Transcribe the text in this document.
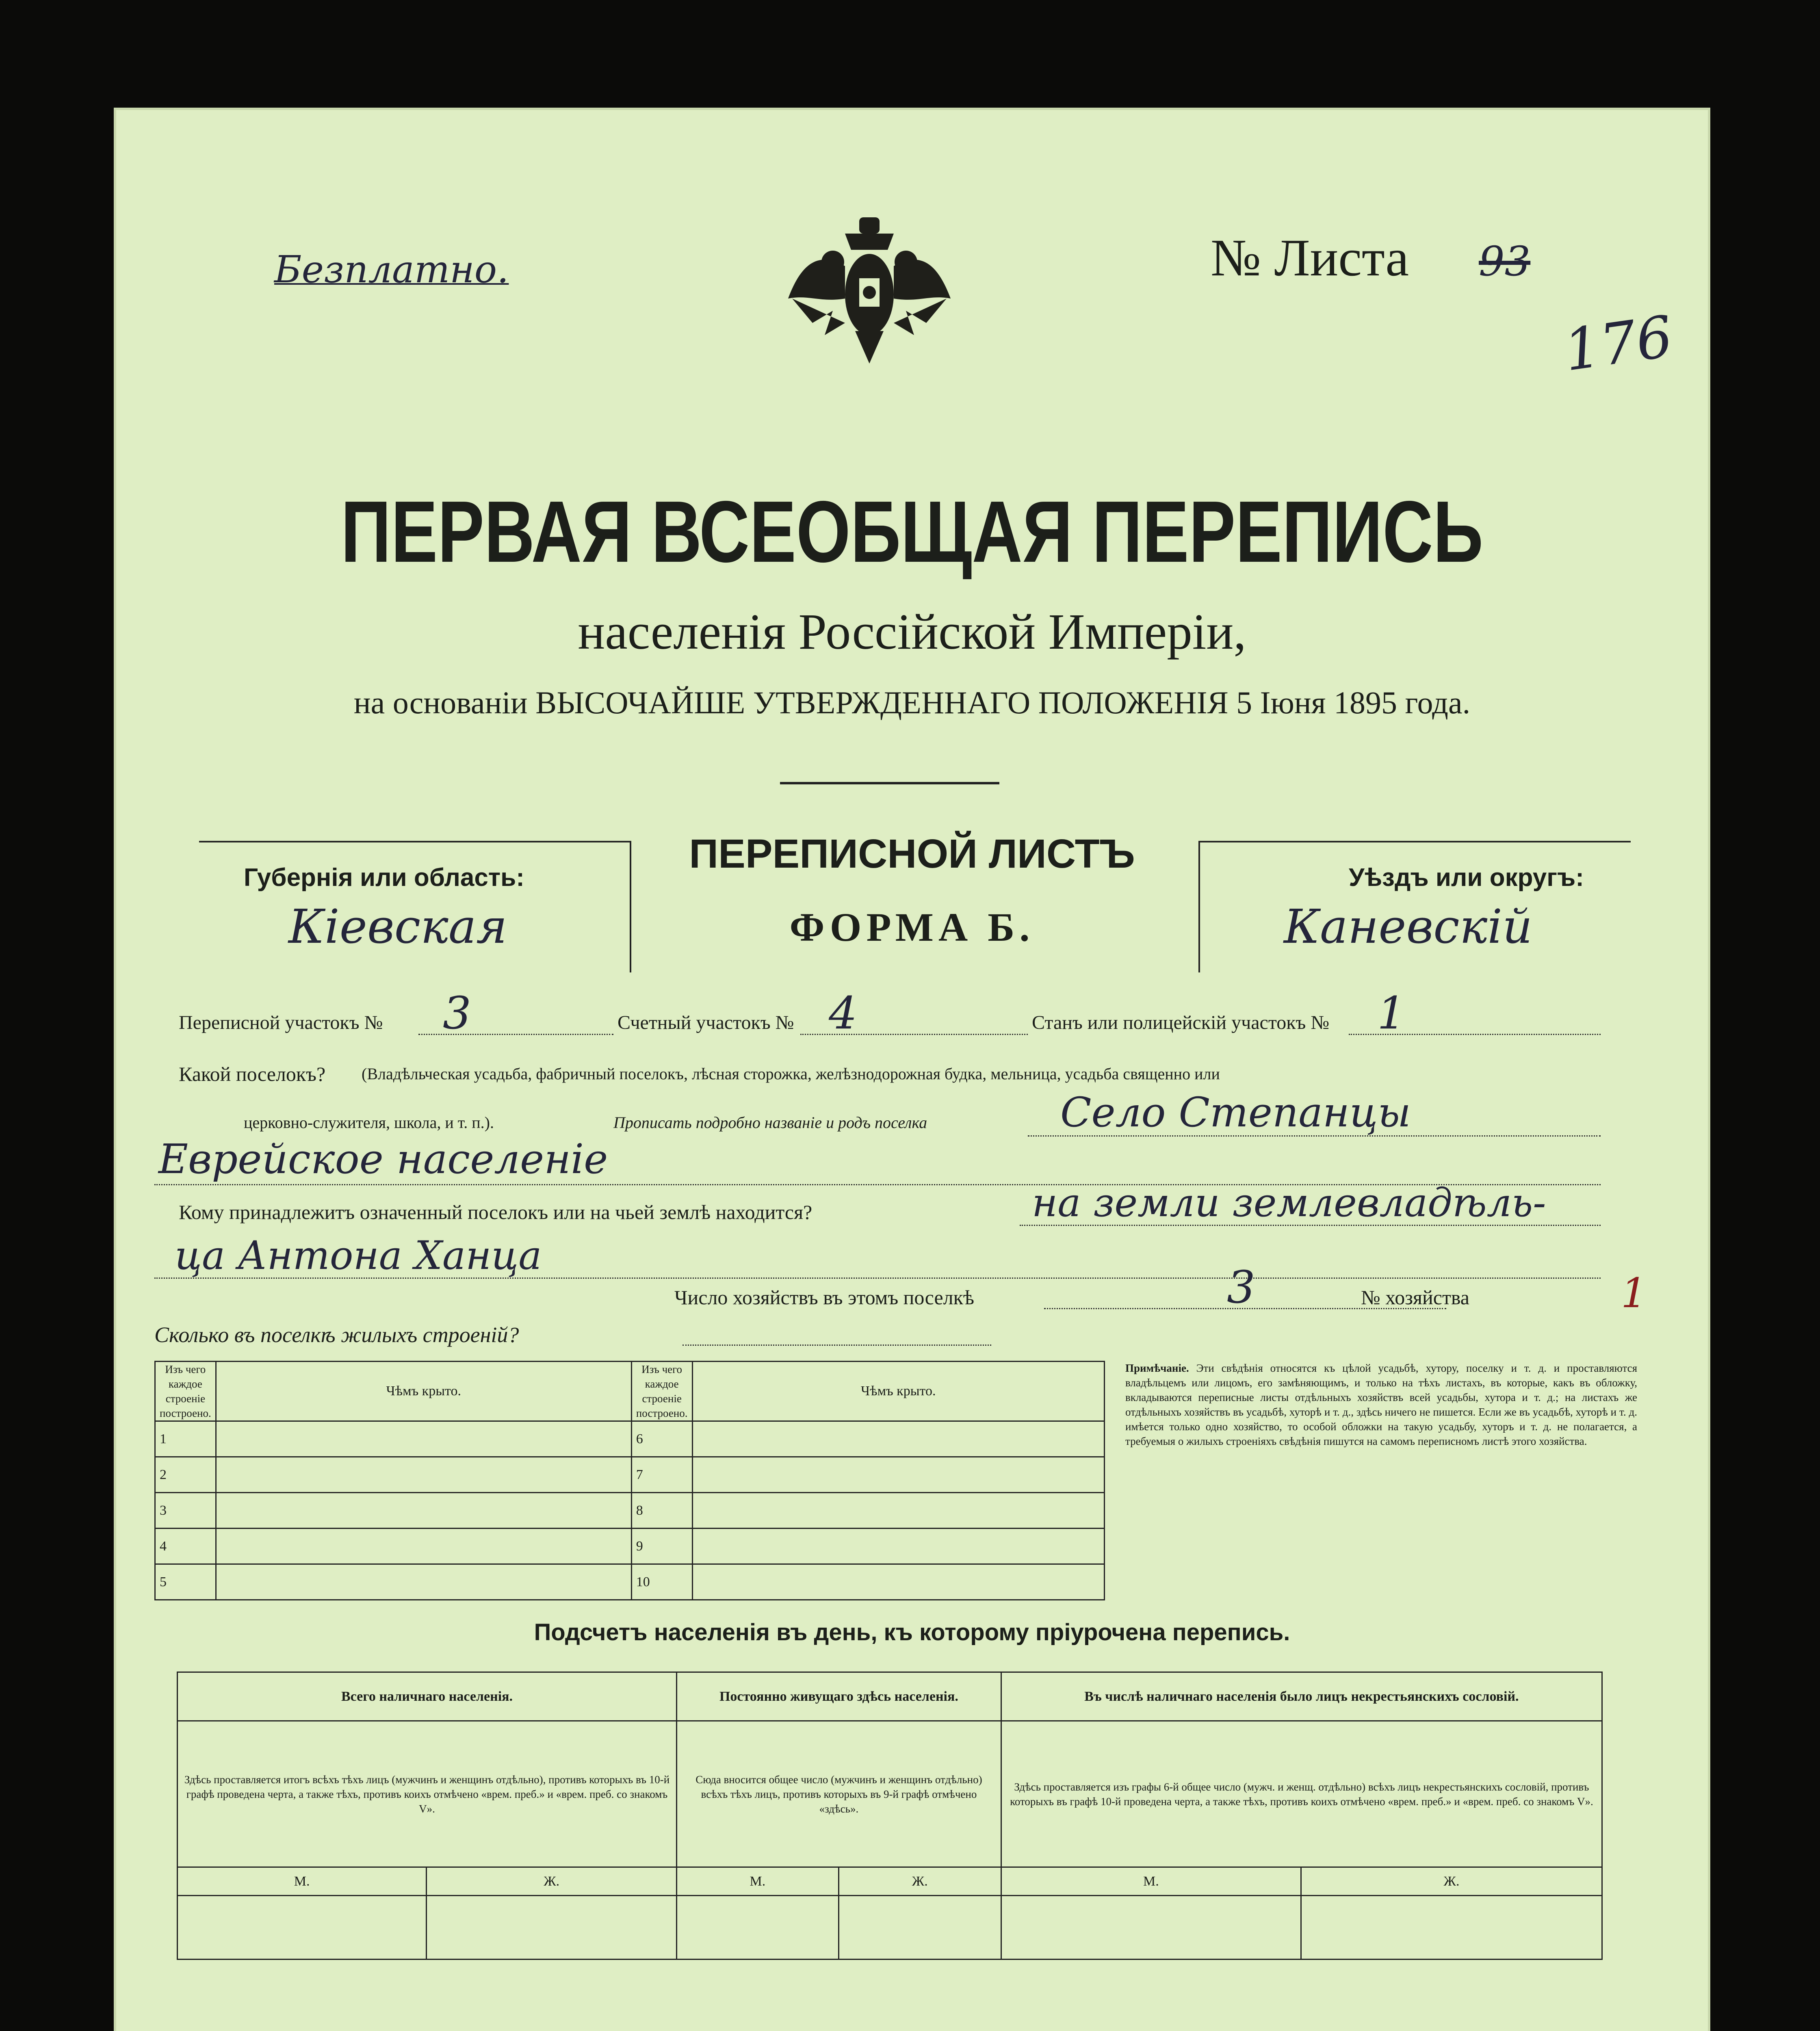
Безплатно.	№ Листа 93
176
ПЕРВАЯ ВСЕОБЩАЯ ПЕРЕПИСЬ
населенія Россійской Имперіи,
на основаніи ВЫСОЧАЙШЕ УТВЕРЖДЕННАГО ПОЛОЖЕНІЯ 5 Іюня 1895 года.
Губернія или область:
Кіевская
ПЕРЕПИСНОЙ ЛИСТЪ
ФОРМА Б.
Уѣздъ или округъ:
Каневскій
Переписной участокъ № 3	Счетный участокъ № 4	Станъ или полицейскій участокъ № 1
Какой поселокъ? (Владѣльческая усадьба, фабричный поселокъ, лѣсная сторожка, желѣзнодорожная будка, мельница, усадьба священно или
церковно-служителя, школа, и т. п.).	Прописать подробно названіе и родъ поселка	Село Степанцы
Еврейское населеніе
Кому принадлежитъ означенный поселокъ или на чьей землѣ находится?	на земли землевладѣль-
ца Антона Ханца
Число хозяйствъ въ этомъ поселкѣ	3	№ хозяйства	1
Сколько въ поселкѣ жилыхъ строеній?
Изъ чего каждое строеніе построено.	Чѣмъ крыто.	Изъ чего каждое строеніе построено.	Чѣмъ крыто.
1		6	
2		7	
3		8	
4		9	
5		10	
Примѣчаніе. Эти свѣдѣнія относятся къ цѣлой усадьбѣ, хутору, поселку и т. д. и проставляются владѣльцемъ или лицомъ, его замѣняющимъ, и только на тѣхъ листахъ, въ которые, какъ въ обложку, вкладываются переписные листы отдѣльныхъ хозяйствъ всей усадьбы, хутора и т. д.; на листахъ же отдѣльныхъ хозяйствъ въ усадьбѣ, хуторѣ и т. д., здѣсь ничего не пишется. Если же въ усадьбѣ, хуторѣ и т. д. имѣется только одно хозяйство, то особой обложки на такую усадьбу, хуторъ и т. д. не полагается, а требуемыя о жилыхъ строеніяхъ свѣдѣнія пишутся на самомъ переписномъ листѣ этого хозяйства.
Подсчетъ населенія въ день, къ которому пріурочена перепись.
Всего наличнаго населенія.		Постоянно живущаго здѣсь населенія.		Въ числѣ наличнаго населенія было лицъ некрестьянскихъ сословій.	
Здѣсь проставляется итогъ всѣхъ тѣхъ лицъ (мужчинъ и женщинъ отдѣльно), противъ которыхъ въ 10-й графѣ проведена черта, а также тѣхъ, противъ коихъ отмѣчено «врем. преб.» и «врем. преб. со знакомъ V».		Сюда вносится общее число (мужчинъ и женщинъ отдѣльно) всѣхъ тѣхъ лицъ, противъ которыхъ въ 9-й графѣ отмѣчено «здѣсь».		Здѣсь проставляется изъ графы 6-й общее число (мужч. и женщ. отдѣльно) всѣхъ лицъ некрестьянскихъ сословій, противъ которыхъ въ графѣ 10-й проведена черта, а также тѣхъ, противъ коихъ отмѣчено «врем. преб.» и «врем. преб. со знакомъ V».	
М.	Ж.	М.	Ж.	М.	Ж.
